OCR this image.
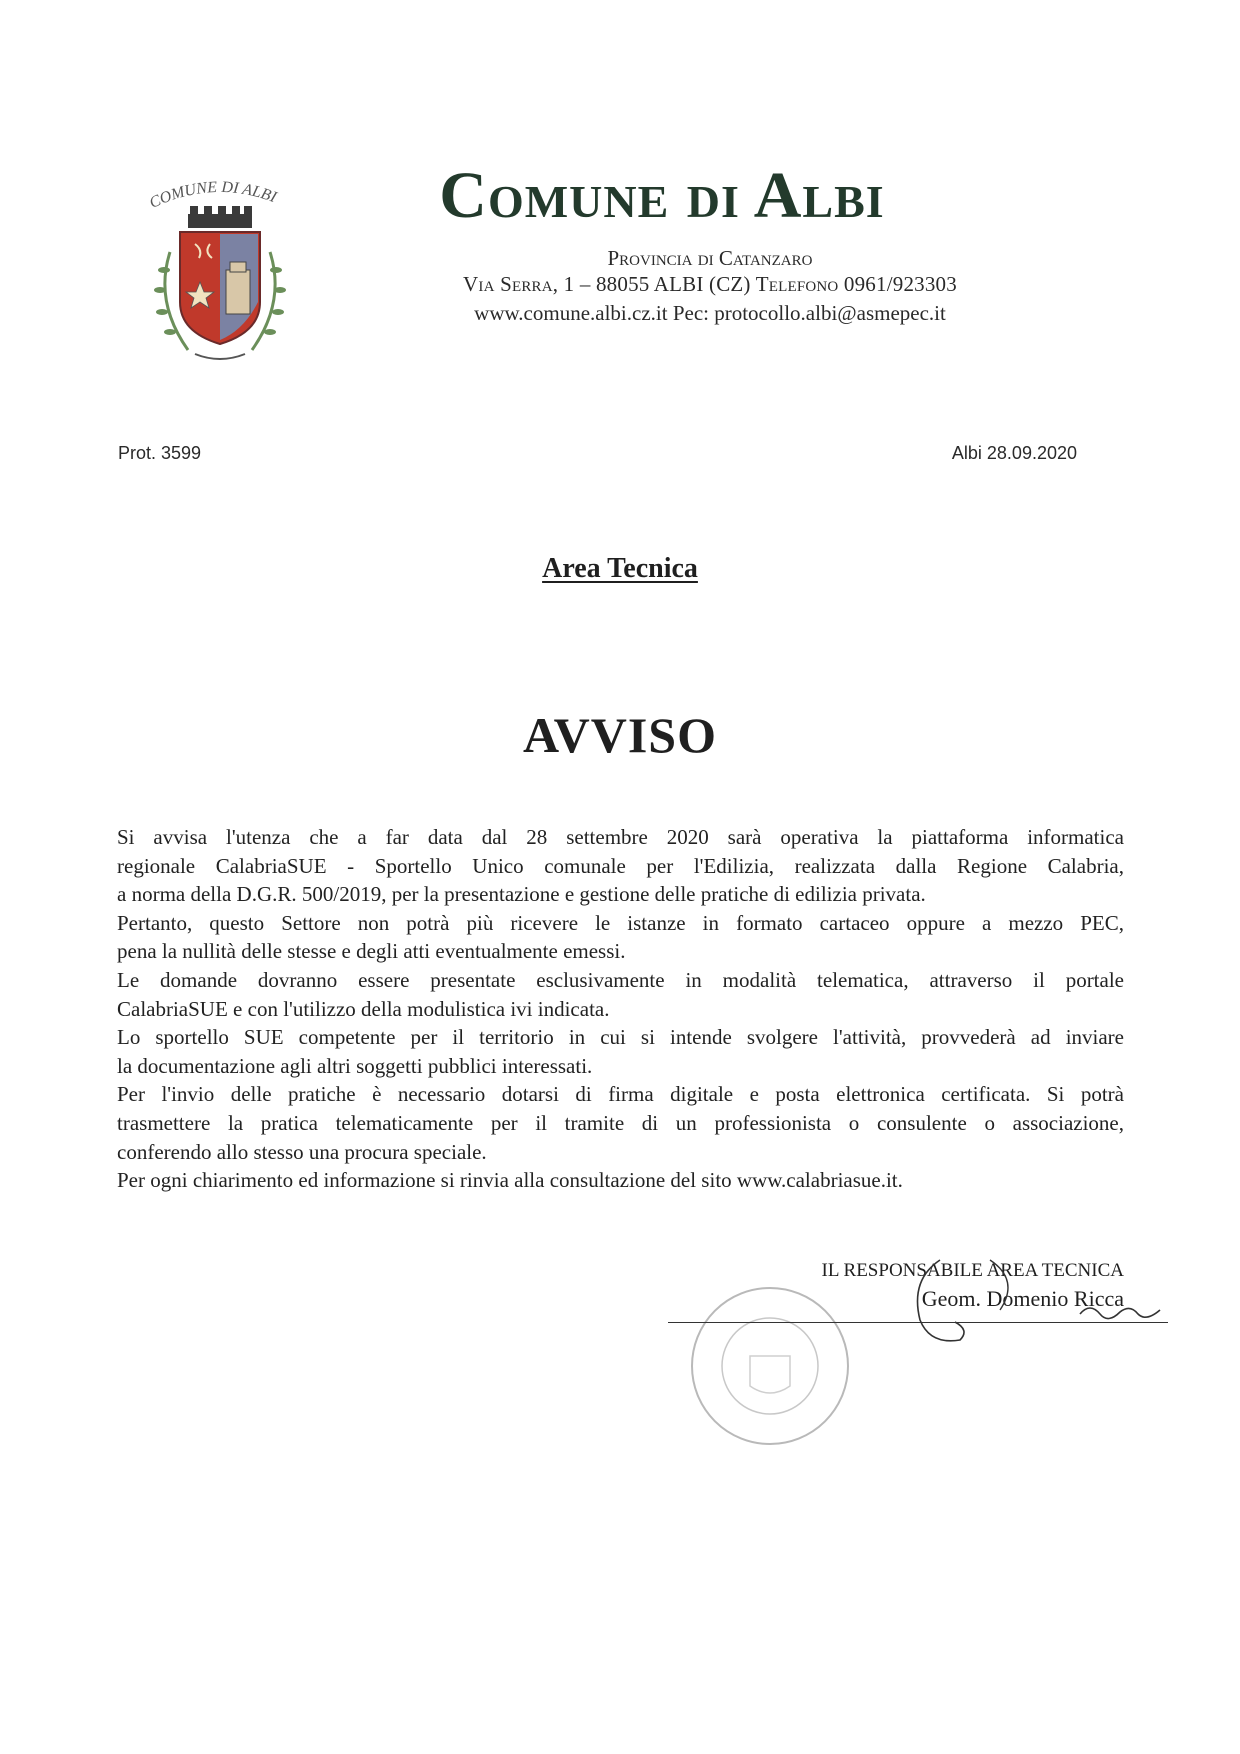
COMUNE DI ALBI	Comune di Albi
Provincia di Catanzaro
Via Serra, 1 – 88055 ALBI (CZ) Telefono 0961/923303
www.comune.albi.cz.it Pec: protocollo.albi@asmepec.it
Prot. 3599	Albi 28.09.2020
Area Tecnica
AVVISO
Si avvisa l'utenza che a far data dal 28 settembre 2020 sarà operativa la piattaforma informatica
regionale CalabriaSUE - Sportello Unico comunale per l'Edilizia, realizzata dalla Regione Calabria,
a norma della D.G.R. 500/2019, per la presentazione e gestione delle pratiche di edilizia privata.
Pertanto, questo Settore non potrà più ricevere le istanze in formato cartaceo oppure a mezzo PEC,
pena la nullità delle stesse e degli atti eventualmente emessi.
Le domande dovranno essere presentate esclusivamente in modalità telematica, attraverso il portale
CalabriaSUE e con l'utilizzo della modulistica ivi indicata.
Lo sportello SUE competente per il territorio in cui si intende svolgere l'attività, provvederà ad inviare
la documentazione agli altri soggetti pubblici interessati.
Per l'invio delle pratiche è necessario dotarsi di firma digitale e posta elettronica certificata. Si potrà
trasmettere la pratica telematicamente per il tramite di un professionista o consulente o associazione,
conferendo allo stesso una procura speciale.
Per ogni chiarimento ed informazione si rinvia alla consultazione del sito www.calabriasue.it.
IL RESPONSABILE AREA TECNICA
Geom. Domenio Ricca
